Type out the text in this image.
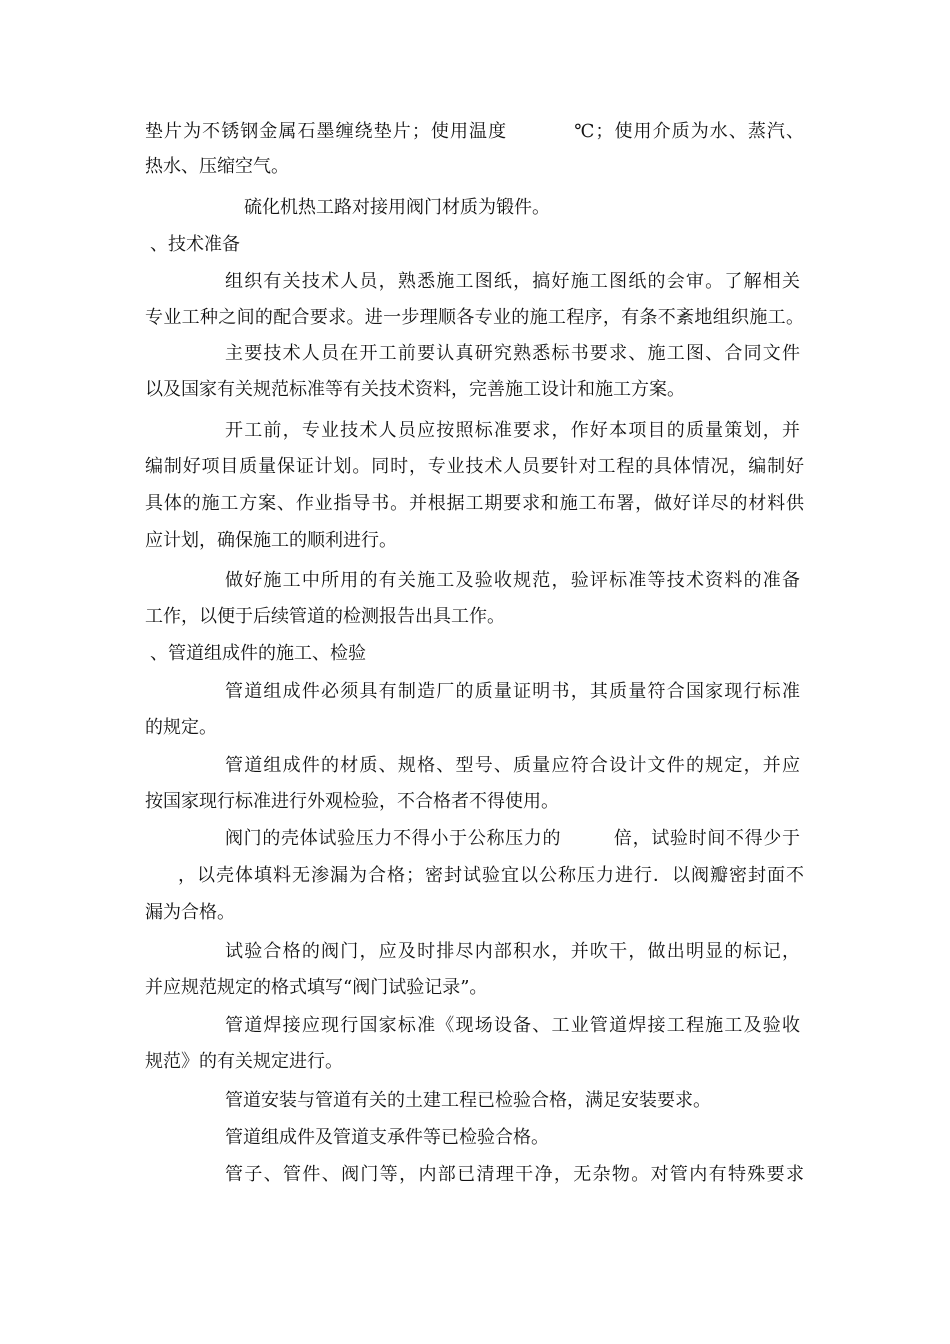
垫片为不锈钢金属石墨缠绕垫片；使用温度	℃；使用介质为水、蒸汽、
热水、压缩空气。
硫化机热工路对接用阀门材质为锻件。
、技术准备
组织有关技术人员，熟悉施工图纸，搞好施工图纸的会审。了解相关
专业工种之间的配合要求。进一步理顺各专业的施工程序，有条不紊地组织施工。
主要技术人员在开工前要认真研究熟悉标书要求、施工图、合同文件
以及国家有关规范标准等有关技术资料，完善施工设计和施工方案。
开工前，专业技术人员应按照标准要求，作好本项目的质量策划，并
编制好项目质量保证计划。同时，专业技术人员要针对工程的具体情况，编制好
具体的施工方案、作业指导书。并根据工期要求和施工布署，做好详尽的材料供
应计划，确保施工的顺利进行。
做好施工中所用的有关施工及验收规范，验评标准等技术资料的准备
工作，以便于后续管道的检测报告出具工作。
、管道组成件的施工、检验
管道组成件必须具有制造厂的质量证明书，其质量符合国家现行标准
的规定。
管道组成件的材质、规格、型号、质量应符合设计文件的规定，并应
按国家现行标准进行外观检验，不合格者不得使用。
阀门的壳体试验压力不得小于公称压力的	倍，试验时间不得少于
，以壳体填料无渗漏为合格；密封试验宜以公称压力进行．以阀瓣密封面不
漏为合格。
试验合格的阀门，应及时排尽内部积水，并吹干，做出明显的标记，
并应规范规定的格式填写“阀门试验记录”。
管道焊接应现行国家标准《现场设备、工业管道焊接工程施工及验收
规范》的有关规定进行。
管道安装与管道有关的土建工程已检验合格，满足安装要求。
管道组成件及管道支承件等已检验合格。
管子、管件、阀门等，内部已清理干净，无杂物。对管内有特殊要求
